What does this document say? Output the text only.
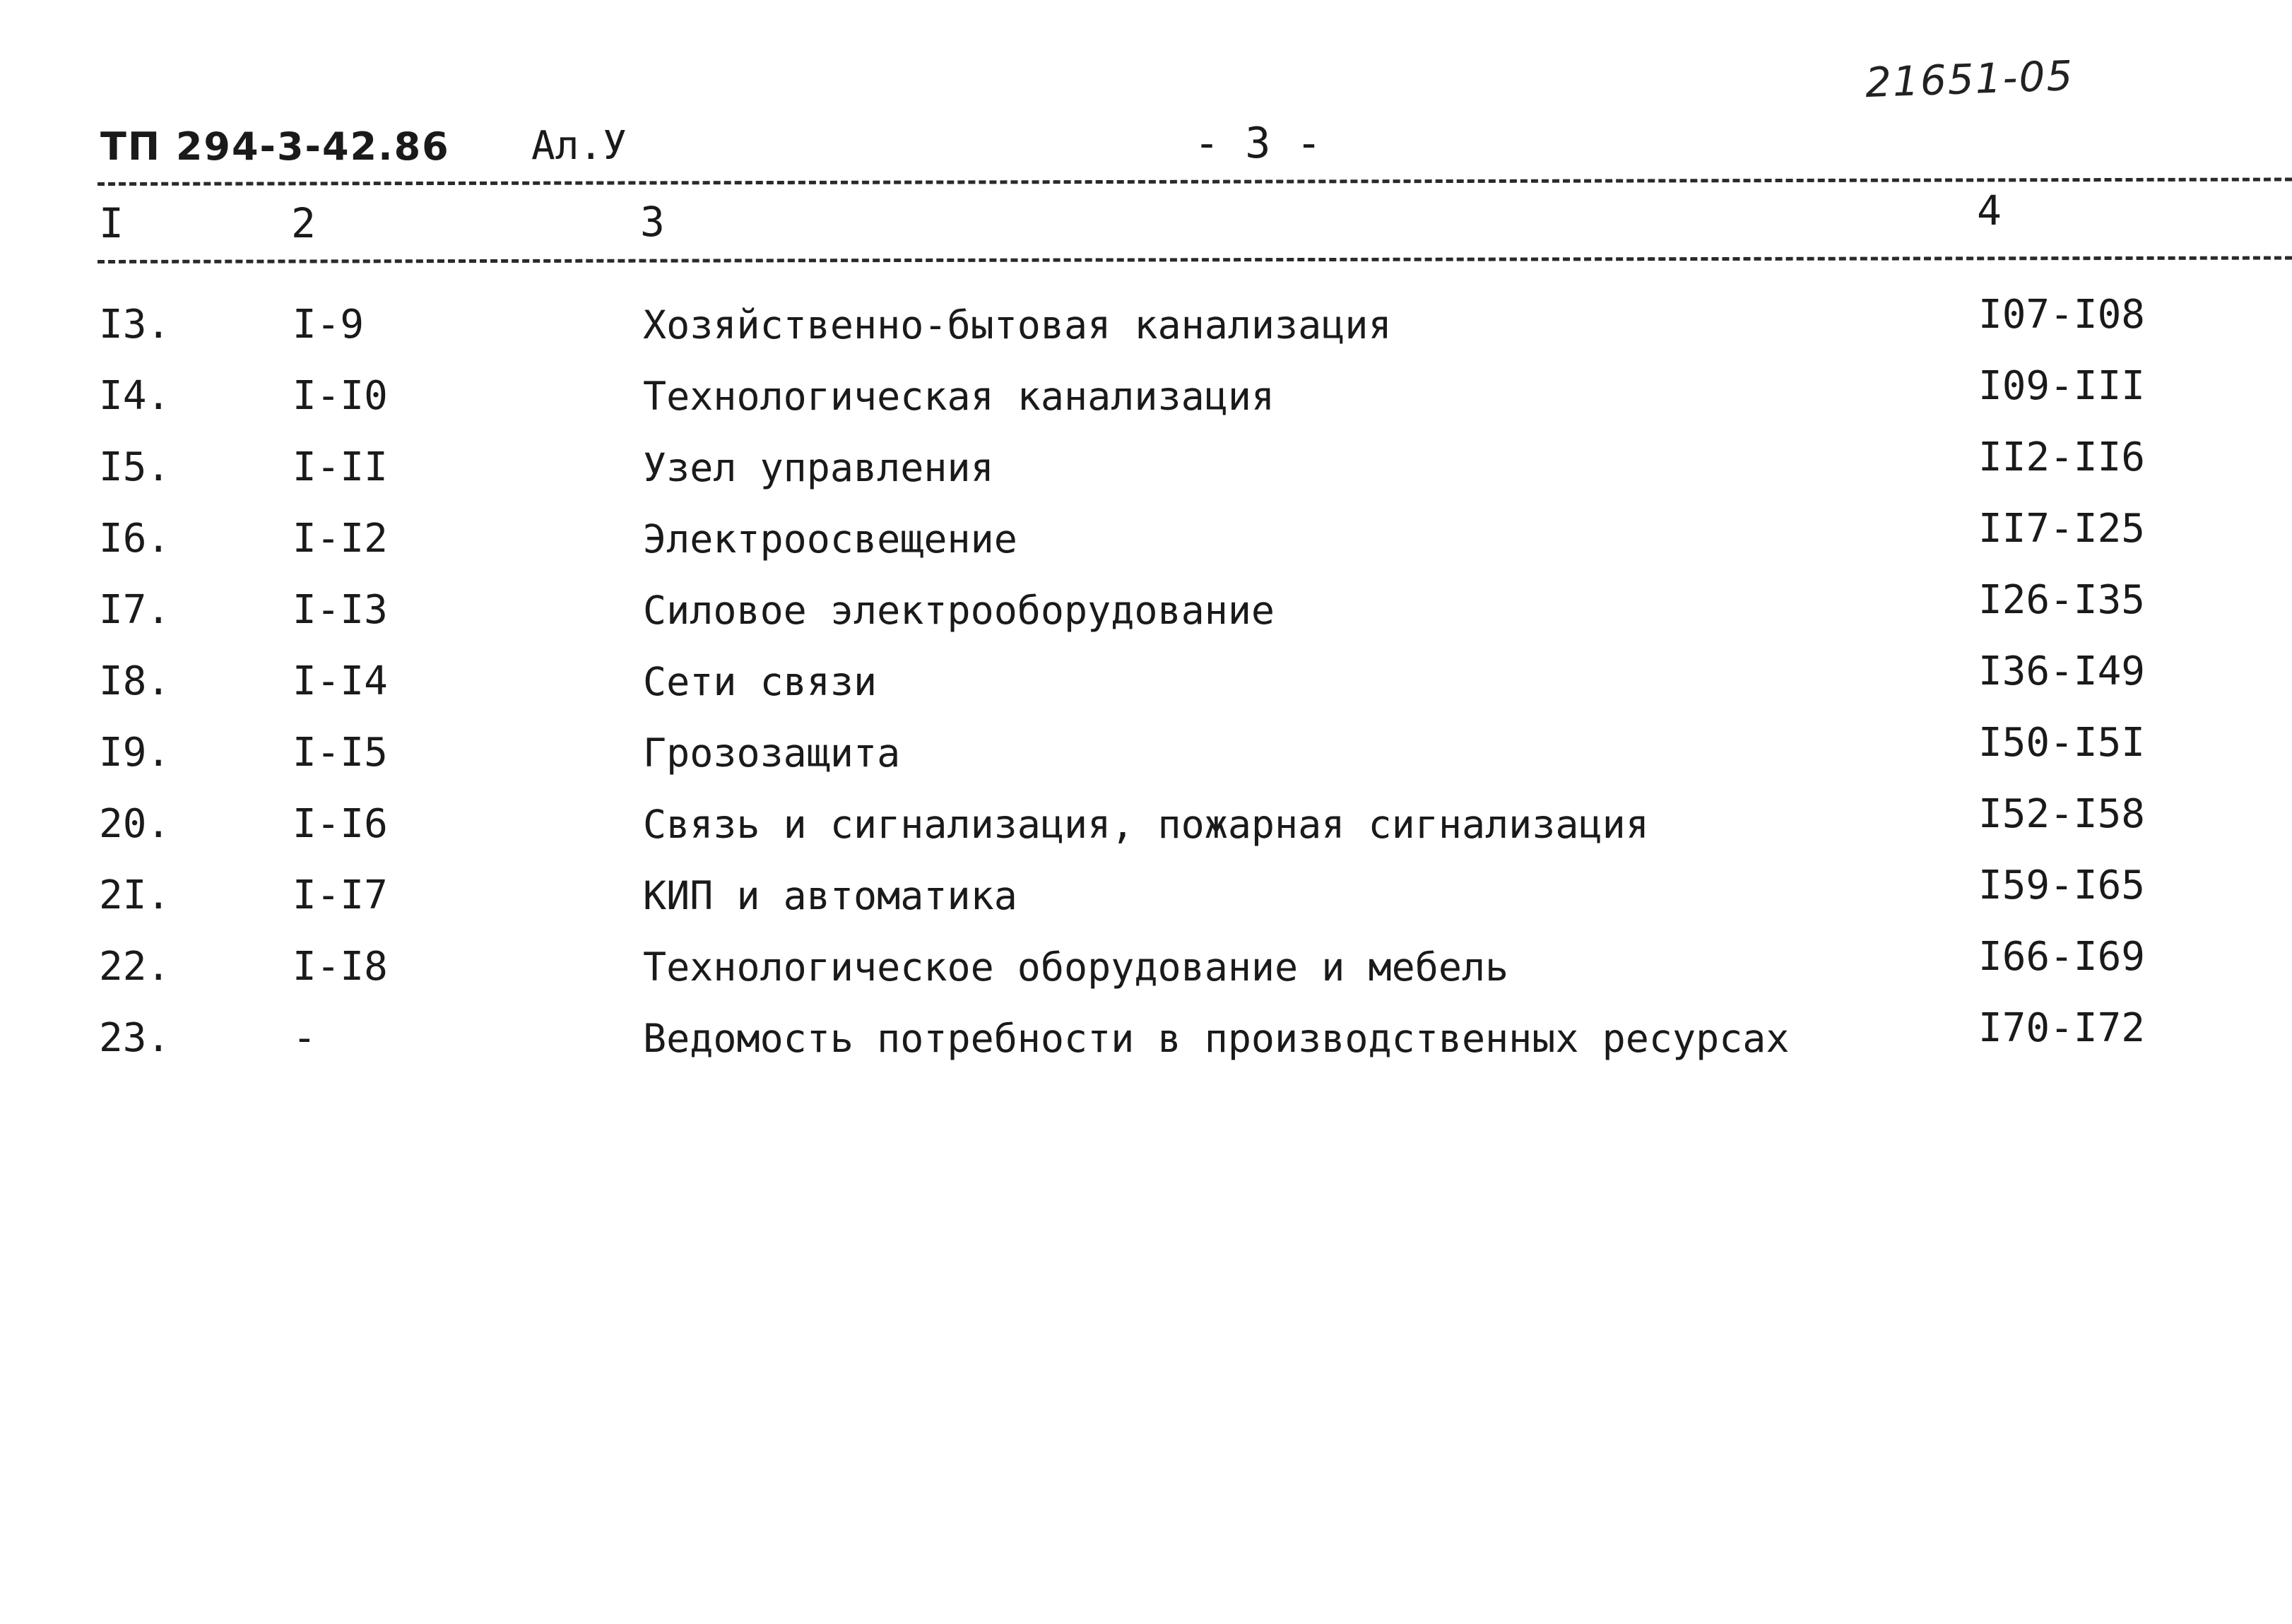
21651-05
ТП 294-3-42.86 Ал.У	- 3 -
I	2	3	4
I3.	I-9	Хозяйственно-бытовая канализация	I07-I08
I4.	I-I0	Технологическая канализация	I09-III
I5.	I-II	Узел управления	II2-II6
I6.	I-I2	Электроосвещение	II7-I25
I7.	I-I3	Силовое электрооборудование	I26-I35
I8.	I-I4	Сети связи	I36-I49
I9.	I-I5	Грозозащита	I50-I5I
20.	I-I6	Связь и сигнализация, пожарная сигнализация	I52-I58
2I.	I-I7	КИП и автоматика	I59-I65
22.	I-I8	Технологическое оборудование и мебель	I66-I69
23.	-	Ведомость потребности в производственных ресурсах	I70-I72
